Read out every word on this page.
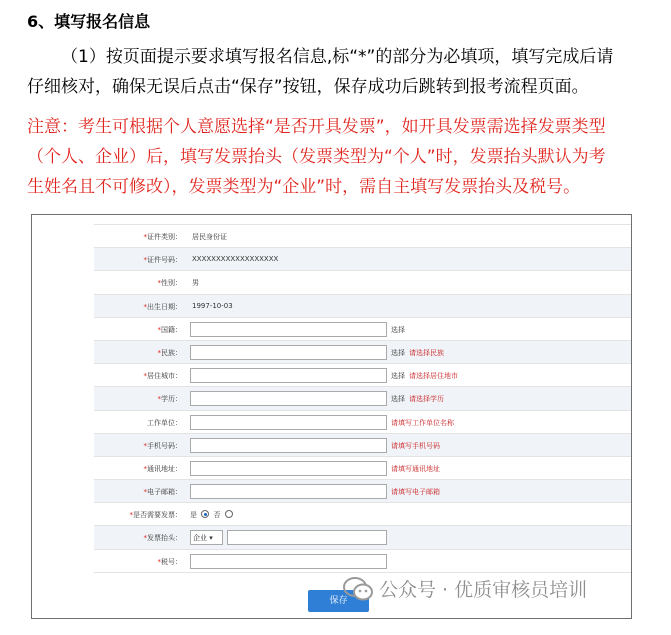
6、填写报名信息
（1）按页面提示要求填写报名信息,标“*”的部分为必填项，填写完成后请
仔细核对，确保无误后点击“保存”按钮，保存成功后跳转到报考流程页面。
注意：考生可根据个人意愿选择“是否开具发票”，如开具发票需选择发票类型
（个人、企业）后，填写发票抬头（发票类型为“个人”时，发票抬头默认为考
生姓名且不可修改），发票类型为“企业”时，需自主填写发票抬头及税号。
*证件类别： 居民身份证
*证件号码： XXXXXXXXXXXXXXXXXX
*性别： 男
*出生日期： 1997-10-03
*国籍：	选择
*民族：	选择 请选择民族
*居住城市：	选择 请选择居住地市
*学历：	选择 请选择学历
工作单位：	请填写工作单位名称
*手机号码：	请填写手机号码
*通讯地址：	请填写通讯地址
*电子邮箱：	请填写电子邮箱
*是否需要发票： 是 否
*发票抬头：	企业 ▾
*税号：
保存	公众号 · 优质审核员培训
